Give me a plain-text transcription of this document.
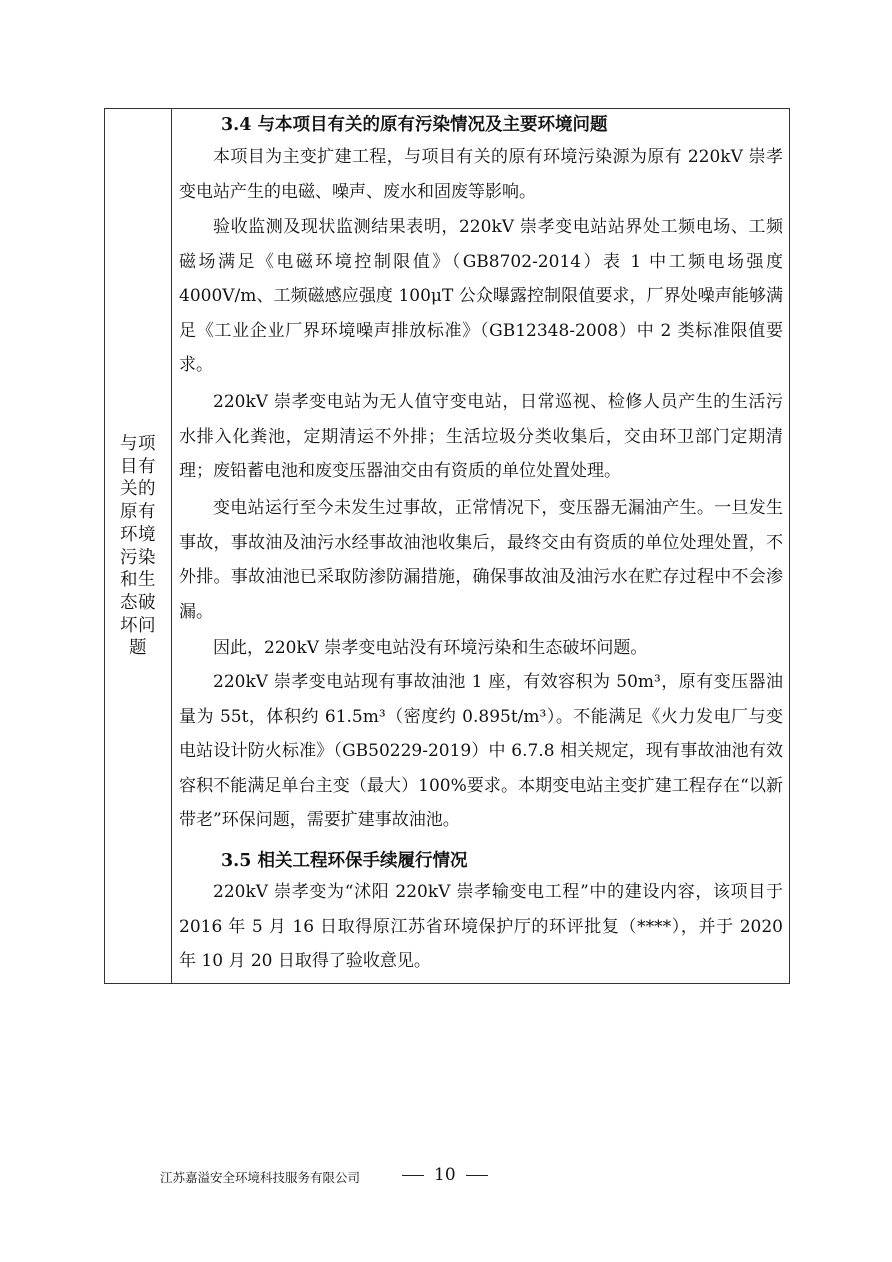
与项
目有
关的
原有
环境
污染
和生
态破
坏问
题
3.4 与本项目有关的原有污染情况及主要环境问题
本项目为主变扩建工程，与项目有关的原有环境污染源为原有 220kV 崇孝变电站产生的电磁、噪声、废水和固废等影响。
验收监测及现状监测结果表明，220kV 崇孝变电站站界处工频电场、工频磁场满足《电磁环境控制限值》（GB8702-2014）表 1 中工频电场强度 4000V/m、工频磁感应强度 100μT 公众曝露控制限值要求，厂界处噪声能够满足《工业企业厂界环境噪声排放标准》（GB12348-2008）中 2 类标准限值要求。
220kV 崇孝变电站为无人值守变电站，日常巡视、检修人员产生的生活污水排入化粪池，定期清运不外排；生活垃圾分类收集后，交由环卫部门定期清理；废铅蓄电池和废变压器油交由有资质的单位处置处理。
变电站运行至今未发生过事故，正常情况下，变压器无漏油产生。一旦发生事故，事故油及油污水经事故油池收集后，最终交由有资质的单位处理处置，不外排。事故油池已采取防渗防漏措施，确保事故油及油污水在贮存过程中不会渗漏。
因此，220kV 崇孝变电站没有环境污染和生态破坏问题。
220kV 崇孝变电站现有事故油池 1 座，有效容积为 50m³，原有变压器油量为 55t，体积约 61.5m³（密度约 0.895t/m³）。不能满足《火力发电厂与变电站设计防火标准》（GB50229-2019）中 6.7.8 相关规定，现有事故油池有效容积不能满足单台主变（最大）100%要求。本期变电站主变扩建工程存在“以新带老”环保问题，需要扩建事故油池。
3.5 相关工程环保手续履行情况
220kV 崇孝变为“沭阳 220kV 崇孝输变电工程”中的建设内容，该项目于 2016 年 5 月 16 日取得原江苏省环境保护厅的环评批复（****），并于 2020 年 10 月 20 日取得了验收意见。
江苏嘉溢安全环境科技服务有限公司	10
